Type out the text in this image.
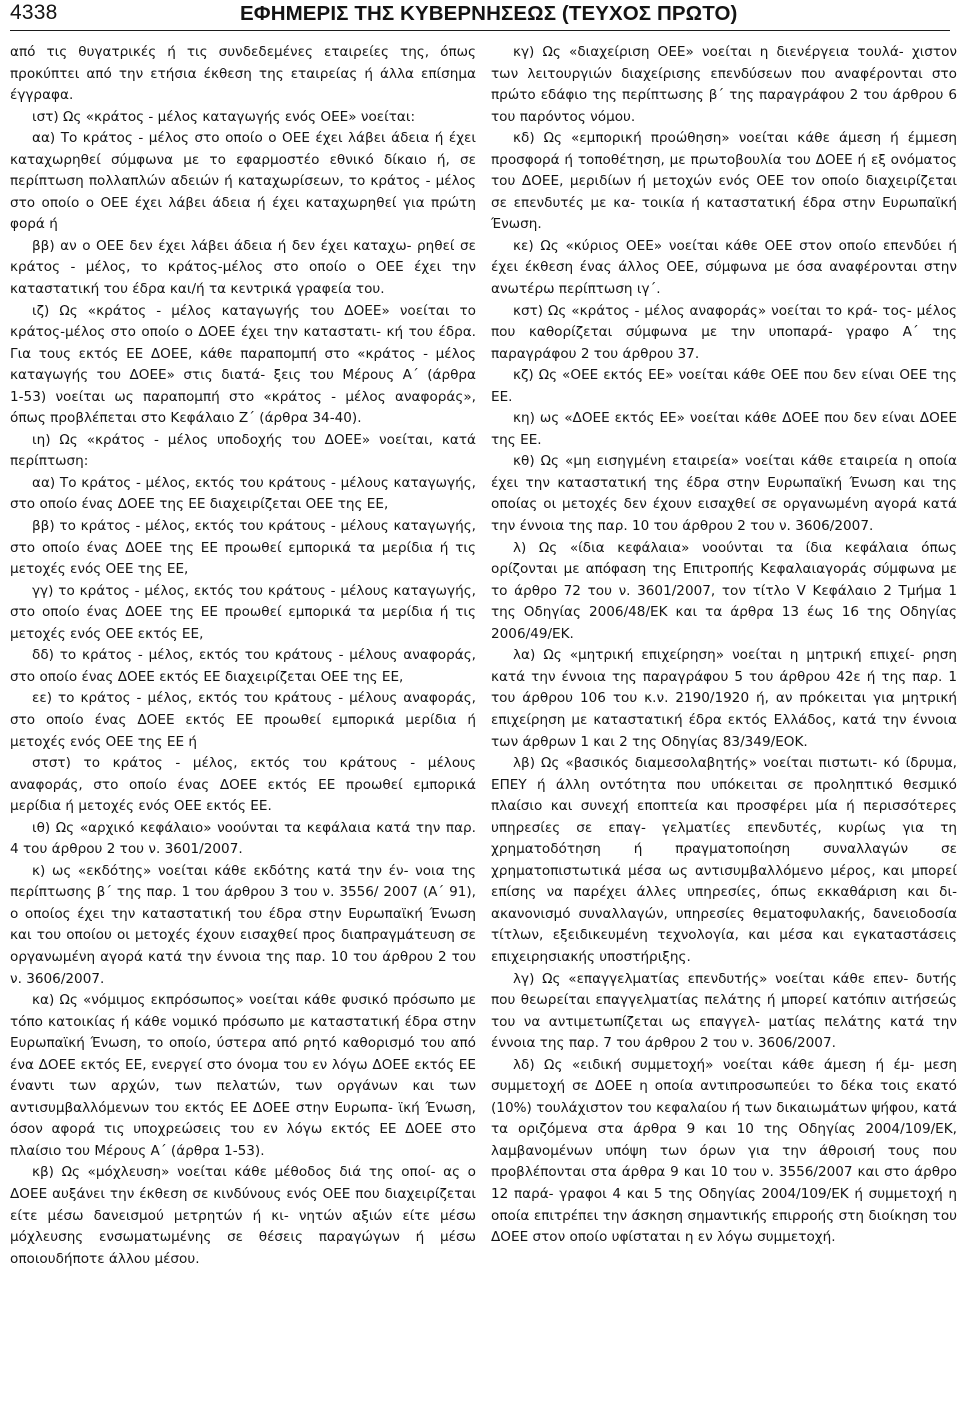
4338	ΕΦΗΜΕΡΙΣ ΤΗΣ ΚΥΒΕΡΝΗΣΕΩΣ (ΤΕΥΧΟΣ ΠΡΩΤΟ)

από τις θυγατρικές ή τις συνδεδεμένες εταιρείες της, όπως προκύπτει από την ετήσια έκθεση της εταιρείας ή άλλα επίσημα έγγραφα.

ιστ) Ως «κράτος ‑ μέλος καταγωγής ενός ΟΕΕ» νοείται:

αα) Το κράτος ‑ μέλος στο οποίο ο ΟΕΕ έχει λάβει άδεια ή έχει καταχωρηθεί σύμφωνα με το εφαρμοστέο εθνικό δίκαιο ή, σε περίπτωση πολλαπλών αδειών ή καταχωρίσεων, το κράτος ‑ μέλος στο οποίο ο ΟΕΕ έχει λάβει άδεια ή έχει καταχωρηθεί για πρώτη φορά ή

ββ) αν ο ΟΕΕ δεν έχει λάβει άδεια ή δεν έχει καταχω‑ ρηθεί σε κράτος ‑ μέλος, το κράτος‑μέλος στο οποίο ο ΟΕΕ έχει την καταστατική του έδρα και/ή τα κεντρικά γραφεία του.

ιζ) Ως «κράτος ‑ μέλος καταγωγής του ΔΟΕΕ» νοείται το κράτος‑μέλος στο οποίο ο ΔΟΕΕ έχει την καταστατι‑ κή του έδρα. Για τους εκτός ΕΕ ΔΟΕΕ, κάθε παραπομπή στο «κράτος ‑ μέλος καταγωγής του ΔΟΕΕ» στις διατά‑ ξεις του Μέρους Α΄ (άρθρα 1‑53) νοείται ως παραπομπή στο «κράτος ‑ μέλος αναφοράς», όπως προβλέπεται στο Κεφάλαιο Ζ΄ (άρθρα 34‑40).

ιη) Ως «κράτος ‑ μέλος υποδοχής του ΔΟΕΕ» νοείται, κατά περίπτωση:

αα) Το κράτος ‑ μέλος, εκτός του κράτους ‑ μέλους καταγωγής, στο οποίο ένας ΔΟΕΕ της ΕΕ διαχειρίζεται ΟΕΕ της ΕΕ,

ββ) το κράτος ‑ μέλος, εκτός του κράτους ‑ μέλους καταγωγής, στο οποίο ένας ΔΟΕΕ της ΕΕ προωθεί εμπορικά τα μερίδια ή τις μετοχές ενός ΟΕΕ της ΕΕ,

γγ) το κράτος ‑ μέλος, εκτός του κράτους ‑ μέλους καταγωγής, στο οποίο ένας ΔΟΕΕ της ΕΕ προωθεί εμπορικά τα μερίδια ή τις μετοχές ενός ΟΕΕ εκτός ΕΕ,

δδ) το κράτος ‑ μέλος, εκτός του κράτους ‑ μέλους αναφοράς, στο οποίο ένας ΔΟΕΕ εκτός ΕΕ διαχειρίζεται ΟΕΕ της ΕΕ,

εε) το κράτος ‑ μέλος, εκτός του κράτους ‑ μέλους αναφοράς, στο οποίο ένας ΔΟΕΕ εκτός ΕΕ προωθεί εμπορικά μερίδια ή μετοχές ενός ΟΕΕ της ΕΕ ή

στστ) το κράτος ‑ μέλος, εκτός του κράτους ‑ μέλους αναφοράς, στο οποίο ένας ΔΟΕΕ εκτός ΕΕ προωθεί εμπορικά μερίδια ή μετοχές ενός ΟΕΕ εκτός ΕΕ.

ιθ) Ως «αρχικό κεφάλαιο» νοούνται τα κεφάλαια κατά την παρ. 4 του άρθρου 2 του ν. 3601/2007.

κ) ως «εκδότης» νοείται κάθε εκδότης κατά την έν‑ νοια της περίπτωσης β΄ της παρ. 1 του άρθρου 3 του ν. 3556/ 2007 (Α΄ 91), ο οποίος έχει την καταστατική του έδρα στην Ευρωπαϊκή Ένωση και του οποίου οι μετοχές έχουν εισαχθεί προς διαπραγμάτευση σε οργανωμένη αγορά κατά την έννοια της παρ. 10 του άρθρου 2 του ν. 3606/2007.

κα) Ως «νόμιμος εκπρόσωπος» νοείται κάθε φυσικό πρόσωπο με τόπο κατοικίας ή κάθε νομικό πρόσωπο με καταστατική έδρα στην Ευρωπαϊκή Ένωση, το οποίο, ύστερα από ρητό καθορισμό του από ένα ΔΟΕΕ εκτός ΕΕ, ενεργεί στο όνομα του εν λόγω ΔΟΕΕ εκτός ΕΕ έναντι των αρχών, των πελατών, των οργάνων και των αντισυμβαλλόμενων του εκτός ΕΕ ΔΟΕΕ στην Ευρωπα‑ ϊκή Ένωση, όσον αφορά τις υποχρεώσεις του εν λόγω εκτός ΕΕ ΔΟΕΕ στο πλαίσιο του Μέρους Α΄ (άρθρα 1‑53).

κβ) Ως «μόχλευση» νοείται κάθε μέθοδος διά της οποί‑ ας ο ΔΟΕΕ αυξάνει την έκθεση σε κινδύνους ενός ΟΕΕ που διαχειρίζεται είτε μέσω δανεισμού μετρητών ή κι‑ νητών αξιών είτε μέσω μόχλευσης ενσωματωμένης σε θέσεις παραγώγων ή μέσω οποιουδήποτε άλλου μέσου.

κγ) Ως «διαχείριση ΟΕΕ» νοείται η διενέργεια τουλά‑ χιστον των λειτουργιών διαχείρισης επενδύσεων που αναφέρονται στο πρώτο εδάφιο της περίπτωσης β΄ της παραγράφου 2 του άρθρου 6 του παρόντος νόμου.

κδ) Ως «εμπορική προώθηση» νοείται κάθε άμεση ή έμμεση προσφορά ή τοποθέτηση, με πρωτοβουλία του ΔΟΕΕ ή εξ ονόματος του ΔΟΕΕ, μεριδίων ή μετοχών ενός ΟΕΕ τον οποίο διαχειρίζεται σε επενδυτές με κα‑ τοικία ή καταστατική έδρα στην Ευρωπαϊκή Ένωση.

κε) Ως «κύριος ΟΕΕ» νοείται κάθε ΟΕΕ στον οποίο επενδύει ή έχει έκθεση ένας άλλος ΟΕΕ, σύμφωνα με όσα αναφέρονται στην ανωτέρω περίπτωση ιγ΄.

κστ) Ως «κράτος ‑ μέλος αναφοράς» νοείται το κρά‑ τος‑ μέλος που καθορίζεται σύμφωνα με την υποπαρά‑ γραφο Α΄ της παραγράφου 2 του άρθρου 37.

κζ) Ως «ΟΕΕ εκτός ΕΕ» νοείται κάθε ΟΕΕ που δεν είναι ΟΕΕ της ΕΕ.

κη) ως «ΔΟΕΕ εκτός ΕΕ» νοείται κάθε ΔΟΕΕ που δεν είναι ΔΟΕΕ της ΕΕ.

κθ) Ως «μη εισηγμένη εταιρεία» νοείται κάθε εταιρεία η οποία έχει την καταστατική της έδρα στην Ευρωπαϊκή Ένωση και της οποίας οι μετοχές δεν έχουν εισαχθεί σε οργανωμένη αγορά κατά την έννοια της παρ. 10 του άρθρου 2 του ν. 3606/2007.

λ) Ως «ίδια κεφάλαια» νοούνται τα ίδια κεφάλαια όπως ορίζονται με απόφαση της Επιτροπής Κεφαλαιαγοράς σύμφωνα με το άρθρο 72 του ν. 3601/2007, τον τίτλο V Κεφάλαιο 2 Τμήμα 1 της Οδηγίας 2006/48/ΕΚ και τα άρθρα 13 έως 16 της Οδηγίας 2006/49/ΕΚ.

λα) Ως «μητρική επιχείρηση» νοείται η μητρική επιχεί‑ ρηση κατά την έννοια της παραγράφου 5 του άρθρου 42ε ή της παρ. 1 του άρθρου 106 του κ.ν. 2190/1920 ή, αν πρόκειται για μητρική επιχείρηση με καταστατική έδρα εκτός Ελλάδος, κατά την έννοια των άρθρων 1 και 2 της Οδηγίας 83/349/ΕΟΚ.

λβ) Ως «βασικός διαμεσολαβητής» νοείται πιστωτι‑ κό ίδρυμα, ΕΠΕΥ ή άλλη οντότητα που υπόκειται σε προληπτικό θεσμικό πλαίσιο και συνεχή εποπτεία και προσφέρει μία ή περισσότερες υπηρεσίες σε επαγ‑ γελματίες επενδυτές, κυρίως για τη χρηματοδότηση ή πραγματοποίηση συναλλαγών σε χρηματοπιστωτικά μέσα ως αντισυμβαλλόμενο μέρος, και μπορεί επίσης να παρέχει άλλες υπηρεσίες, όπως εκκαθάριση και δι‑ ακανονισμό συναλλαγών, υπηρεσίες θεματοφυλακής, δανειοδοσία τίτλων, εξειδικευμένη τεχνολογία, και μέσα και εγκαταστάσεις επιχειρησιακής υποστήριξης.

λγ) Ως «επαγγελματίας επενδυτής» νοείται κάθε επεν‑ δυτής που θεωρείται επαγγελματίας πελάτης ή μπορεί κατόπιν αιτήσεώς του να αντιμετωπίζεται ως επαγγελ‑ ματίας πελάτης κατά την έννοια της παρ. 7 του άρθρου 2 του ν. 3606/2007.

λδ) Ως «ειδική συμμετοχή» νοείται κάθε άμεση ή έμ‑ μεση συμμετοχή σε ΔΟΕΕ η οποία αντιπροσωπεύει το δέκα τοις εκατό (10%) τουλάχιστον του κεφαλαίου ή των δικαιωμάτων ψήφου, κατά τα οριζόμενα στα άρθρα 9 και 10 της Οδηγίας 2004/109/ΕΚ, λαμβανομένων υπόψη των όρων για την άθροισή τους που προβλέπονται στα άρθρα 9 και 10 του ν. 3556/2007 και στο άρθρο 12 παρά‑ γραφοι 4 και 5 της Οδηγίας 2004/109/ΕΚ ή συμμετοχή η οποία επιτρέπει την άσκηση σημαντικής επιρροής στη διοίκηση του ΔΟΕΕ στον οποίο υφίσταται η εν λόγω συμμετοχή.
